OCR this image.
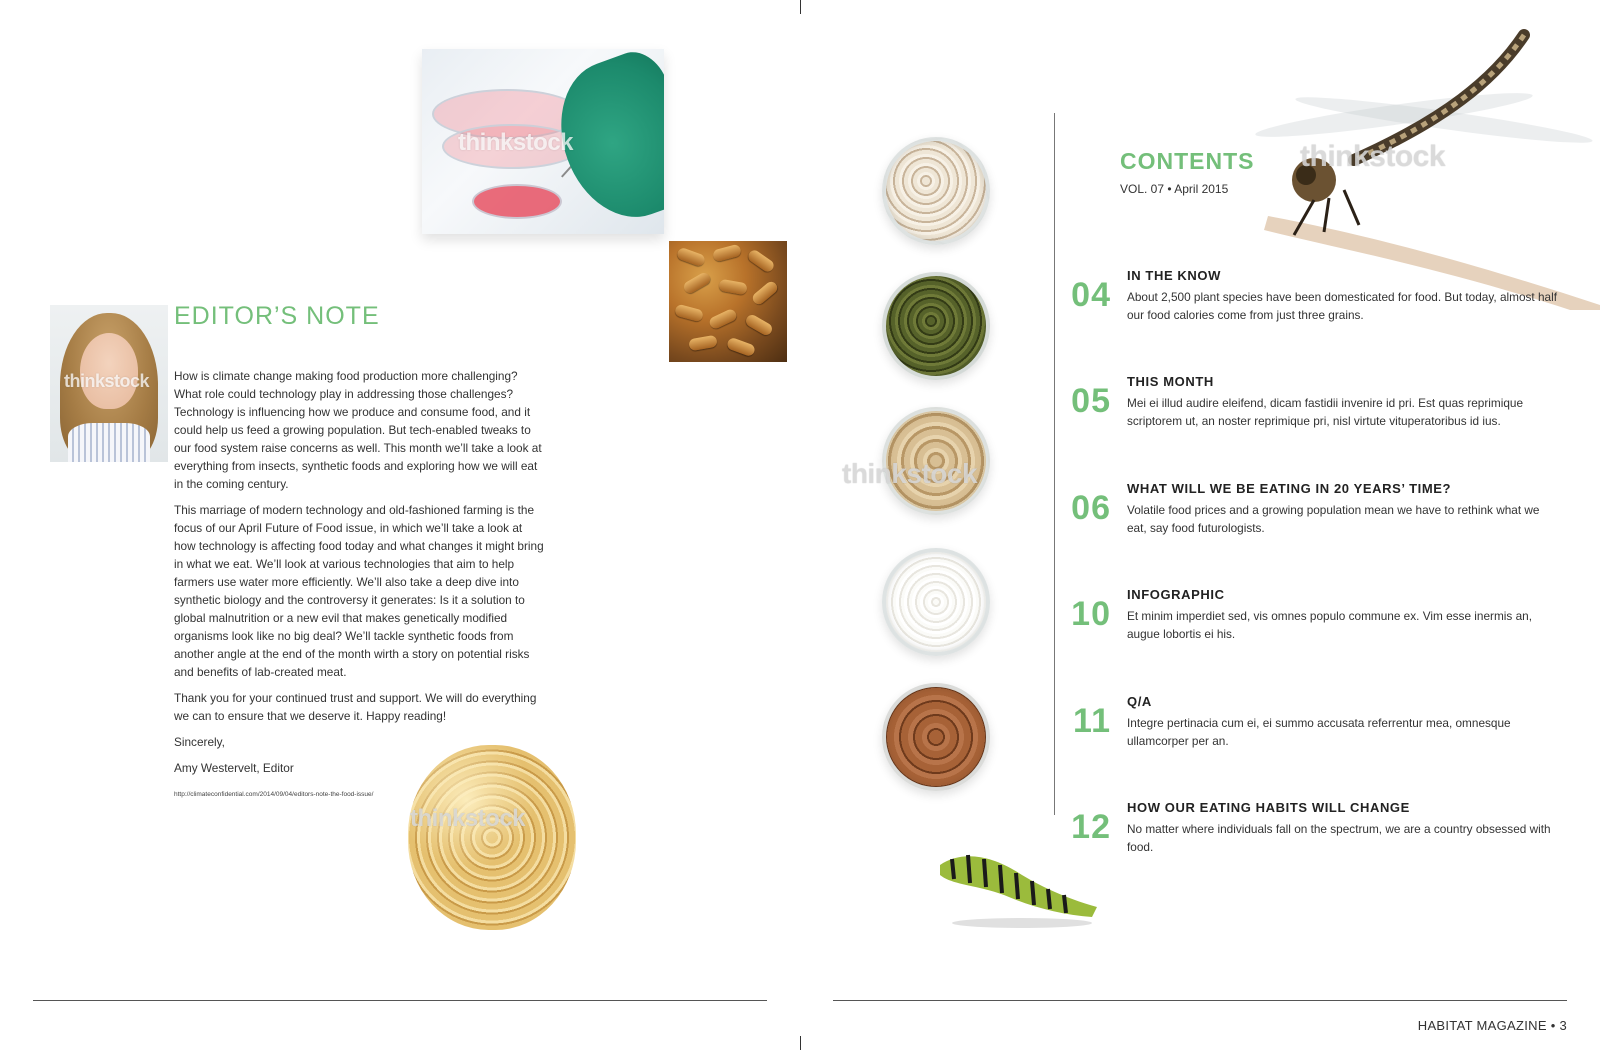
thinkstock
thinkstock
EDITOR’S NOTE

How is climate change making food production more challenging? What role could technology play in addressing those challenges? Technology is influencing how we produce and consume food, and it could help us feed a growing population. But tech-enabled tweaks to our food system raise concerns as well. This month we’ll take a look at everything from insects, synthetic foods and exploring how we will eat in the coming century.

This marriage of modern technology and old-fashioned farming is the focus of our April Future of Food issue, in which we’ll take a look at how technology is affecting food today and what changes it might bring in what we eat. We’ll look at various technologies that aim to help farmers use water more efficiently. We’ll also take a deep dive into synthetic biology and the controversy it generates: Is it a solution to global malnutrition or a new evil that makes genetically modified organisms look like no big deal? We’ll tackle synthetic foods from another angle at the end of the month wirth a story on potential risks and benefits of lab-created meat.

Thank you for your continued trust and support. We will do everything we can to ensure that we deserve it. Happy reading!

Sincerely,

Amy Westervelt, Editor

http://climateconfidential.com/2014/09/04/editors-note-the-food-issue/
thinkstock
thinkstock
thinkstock
CONTENTS
VOL. 07 • April 2015
04
IN THE KNOW
About 2,500 plant species have been domesticated for food. But today, almost half our food calories come from just three grains.
05
THIS MONTH
Mei ei illud audire eleifend, dicam fastidii invenire id pri. Est quas reprimique scriptorem ut, an noster reprimique pri, nisl virtute vituperatoribus id ius.
06
WHAT WILL WE BE EATING IN 20 YEARS’ TIME?
Volatile food prices and a growing population mean we have to rethink what we eat, say food futurologists.
10
INFOGRAPHIC
Et minim imperdiet sed, vis omnes populo commune ex. Vim esse inermis an, augue lobortis ei his.
11
Q/A
Integre pertinacia cum ei, ei summo accusata referrentur mea, omnesque ullamcorper per an.
12
HOW OUR EATING HABITS WILL CHANGE
No matter where individuals fall on the spectrum, we are a country obsessed with food.
HABITAT MAGAZINE • 3
